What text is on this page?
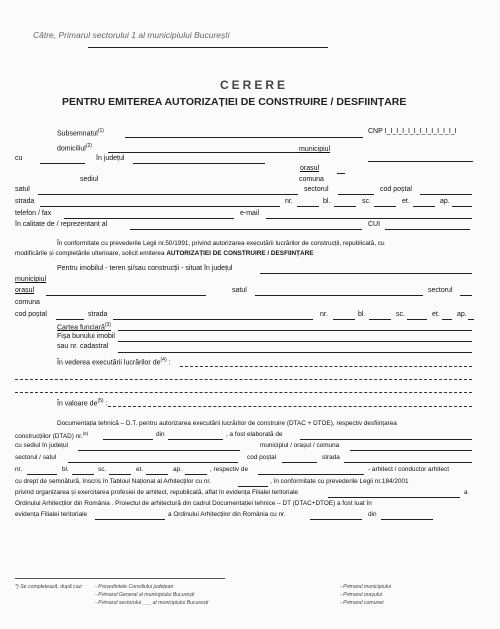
Către, Primarul sectorului 1 al municipiului București
CERERE
PENTRU EMITEREA AUTORIZAȚIEI DE CONSTRUIRE / DESFIINȚARE
Subsemnatul$^{(1)}$	CNP I_I_I_I_I_I_I_I_I_I_I_I_I
domiciliul$^{(2)}$	municipiul
cu	în județul
orașul
sediul	comuna
satul	sectorul	cod poștal
strada	nr.	bl.	sc.	et.	ap.
telefon / fax	e-mail
în calitate de / reprezentant al	CUI
În conformitate cu prevederile Legii nr.50/1991, privind autorizarea executării lucrărilor de construcții, republicată, cu
modificările și completările ulterioare, solicit emiterea AUTORIZAȚIEI DE CONSTRUIRE / DESFIINȚARE
Pentru imobilul - teren și/sau construcții - situat în județul
municipiul
orașul	satul	sectorul
comuna
cod poștal	strada	nr.	bl.	sc.	et. ap.
Cartea funciară$^{(3)}$
Fișa bunului imobil
sau nr. cadastral
În vederea executării lucrărilor $de^{(4)}$ :
În valoare $de^{(5)}$ :
Documentația tehnică – D.T. pentru autorizarea executării lucrărilor de construire (DTAC + DTOE), respectiv desființarea
construcțiilor (DTAD) nr.$^{(6)}$	din	, a fost elaborată de
cu sediul în județul	municipiul / orașul / comuna
sectorul / satul	cod poștal	strada
nr.	bl.	sc.	et.	ap.	, respectiv de	- arhitect / conductor arhitect
cu drept de semnătură, înscris în Tabloul Național al Arhitecților cu nr.	, în conformitate cu prevederile Legii nr.184/2001
privind organizarea și exercitarea profesiei de arhitect, republicată, aflat în evidența Filialei teritoriale	a
Ordinului Arhitecților din România . Proiectul de arhitectură din cadrul Documentației tehnice – DT (DTAC+DTOE) a fost luat în
evidența Filialei teritoriale	a Ordinului Arhitecților din România cu nr.	din
*) Se completează, după caz: - Președintele Consiliului județean
- Primarul General al municipiului București
- Primarul sectorului ___ al municipiului București
- Primarul municipiului
- Primarul orașului
- Primarul comunei
